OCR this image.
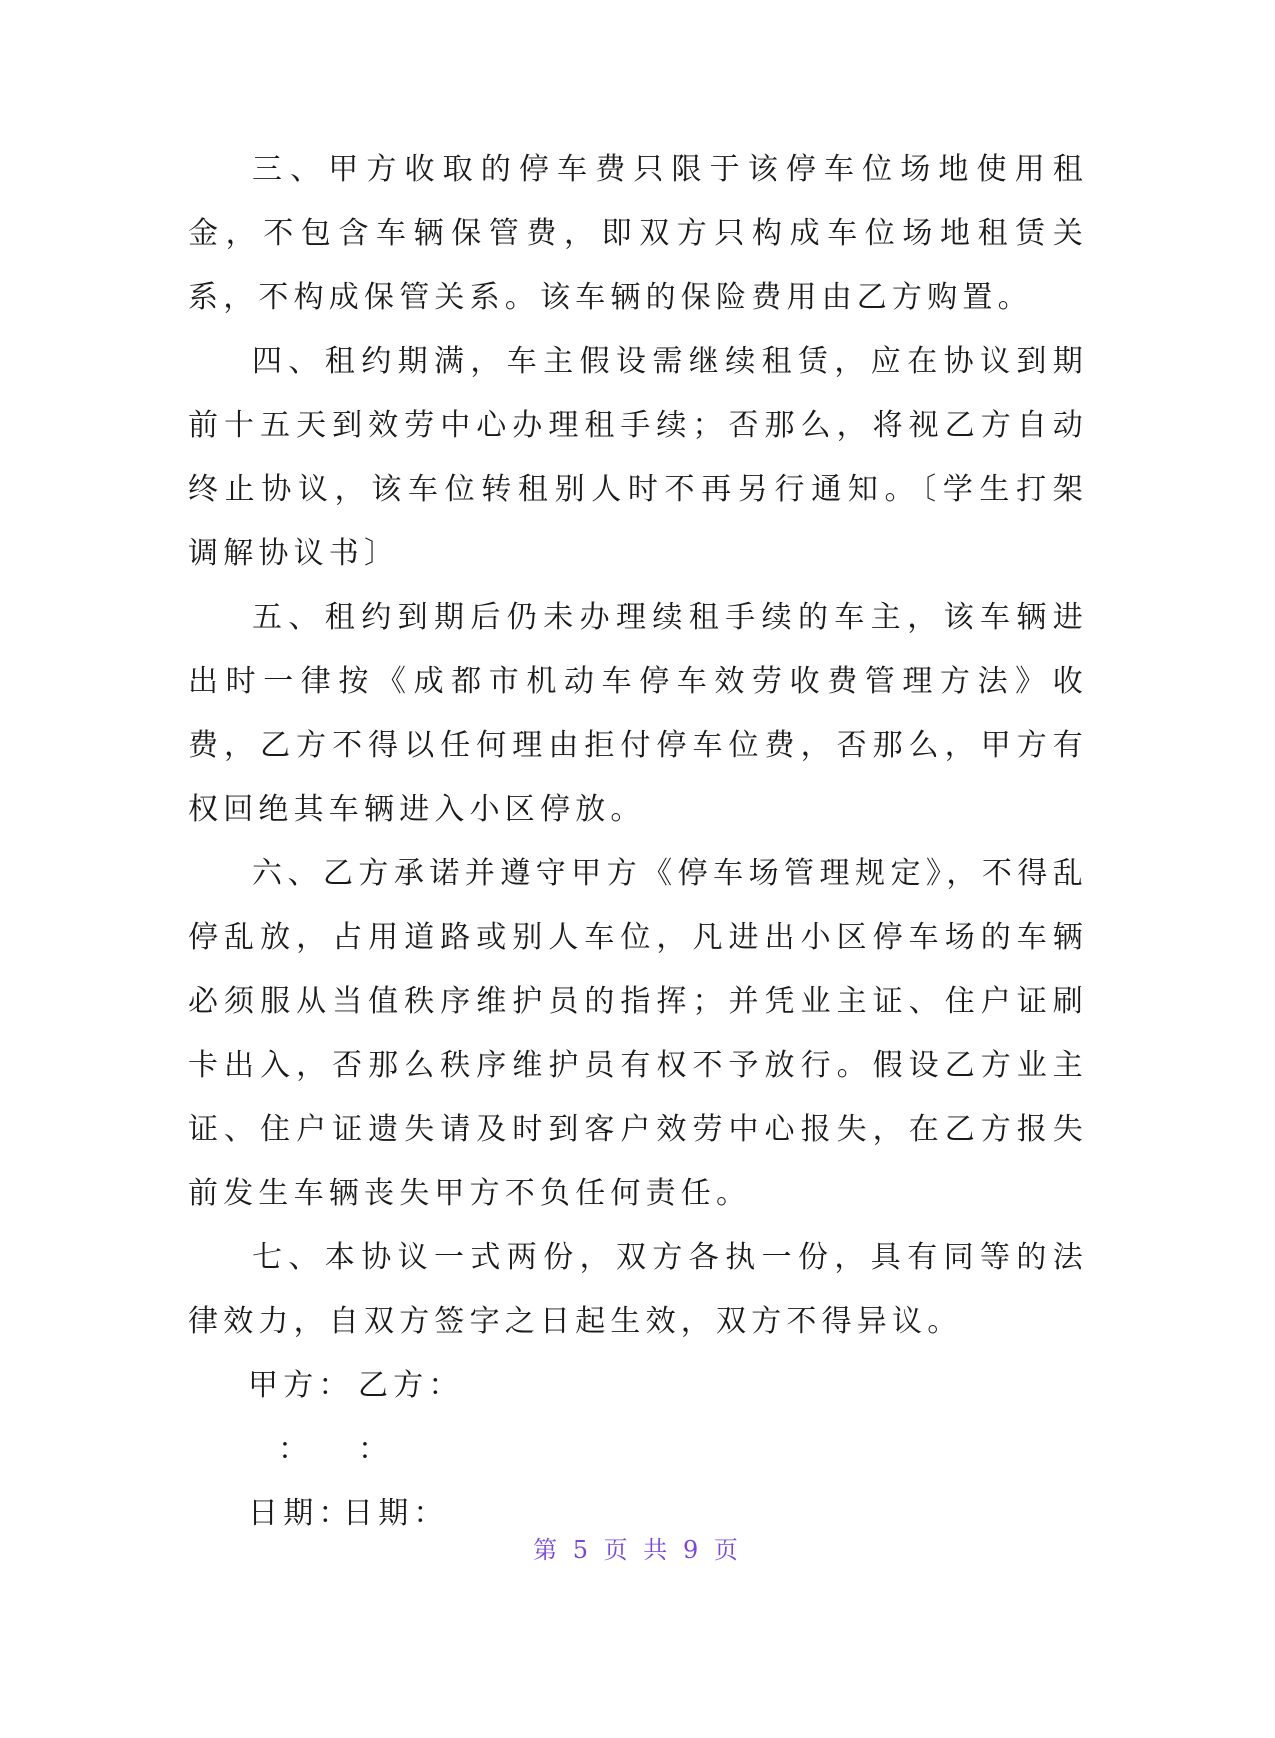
三、甲方收取的停车费只限于该停车位场地使用租金，不包含车辆保管费，即双方只构成车位场地租赁关系，不构成保管关系。该车辆的保险费用由乙方购置。

四、租约期满，车主假设需继续租赁，应在协议到期前十五天到效劳中心办理租手续；否那么，将视乙方自动终止协议，该车位转租别人时不再另行通知。〔学生打架调解协议书〕

五、租约到期后仍未办理续租手续的车主，该车辆进出时一律按《成都市机动车停车效劳收费管理方法》收费，乙方不得以任何理由拒付停车位费，否那么，甲方有权回绝其车辆进入小区停放。

六、乙方承诺并遵守甲方《停车场管理规定》，不得乱停乱放，占用道路或别人车位，凡进出小区停车场的车辆必须服从当值秩序维护员的指挥；并凭业主证、住户证刷卡出入，否那么秩序维护员有权不予放行。假设乙方业主证、住户证遗失请及时到客户效劳中心报失，在乙方报失前发生车辆丧失甲方不负任何责任。

七、本协议一式两份，双方各执一份，具有同等的法律效力，自双方签字之日起生效，双方不得异议。

甲方：

乙方：

：

：

日期：

日期：

第 5 页 共 9 页
